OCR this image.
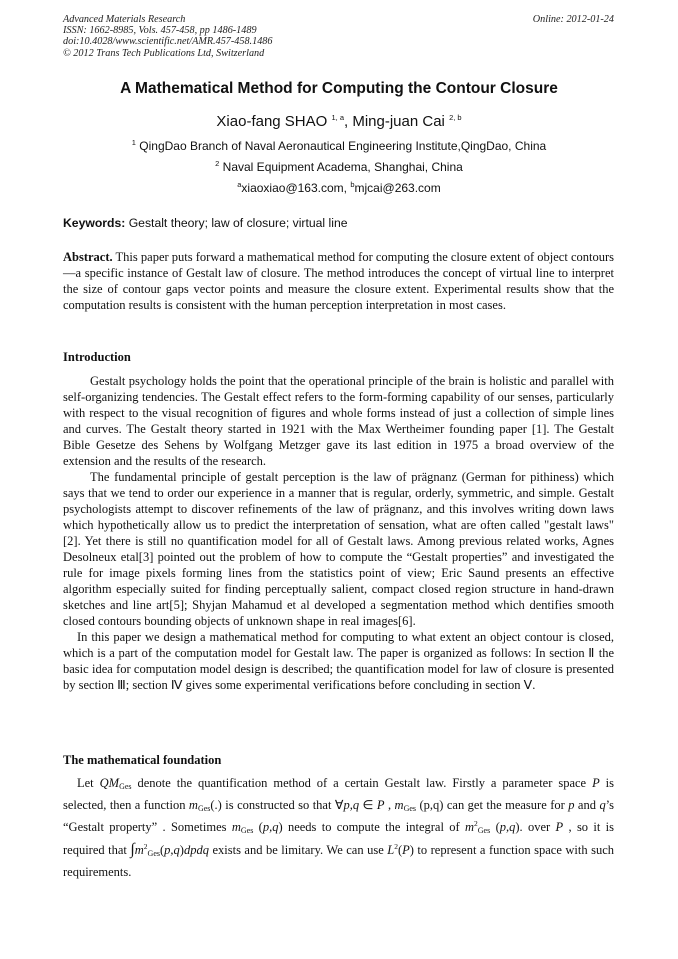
Advanced Materials Research
ISSN: 1662-8985, Vols. 457-458, pp 1486-1489
doi:10.4028/www.scientific.net/AMR.457-458.1486
© 2012 Trans Tech Publications Ltd, Switzerland
Online: 2012-01-24
A Mathematical Method for Computing the Contour Closure
Xiao-fang SHAO $^{1, a}$, Ming-juan Cai $^{2, b}$
$^1$ QingDao Branch of Naval Aeronautical Engineering Institute,QingDao, China
$^2$ Naval Equipment Academa, Shanghai, China
$^a$xiaoxiao@163.com, $^b$mjcai@263.com
Keywords: Gestalt theory; law of closure; virtual line

Abstract. This paper puts forward a mathematical method for computing the closure extent of object contours—a specific instance of Gestalt law of closure. The method introduces the concept of virtual line to interpret the size of contour gaps vector points and measure the closure extent. Experimental results show that the computation results is consistent with the human perception interpretation in most cases.

Introduction

Gestalt psychology holds the point that the operational principle of the brain is holistic and parallel with self-organizing tendencies. The Gestalt effect refers to the form-forming capability of our senses, particularly with respect to the visual recognition of figures and whole forms instead of just a collection of simple lines and curves. The Gestalt theory started in 1921 with the Max Wertheimer founding paper [1]. The Gestalt Bible Gesetze des Sehens by Wolfgang Metzger gave its last edition in 1975 a broad overview of the extension and the results of the research.

The fundamental principle of gestalt perception is the law of prägnanz (German for pithiness) which says that we tend to order our experience in a manner that is regular, orderly, symmetric, and simple. Gestalt psychologists attempt to discover refinements of the law of prägnanz, and this involves writing down laws which hypothetically allow us to predict the interpretation of sensation, what are often called "gestalt laws"[2]. Yet there is still no quantification model for all of Gestalt laws. Among previous related works, Agnes Desolneux etal[3] pointed out the problem of how to compute the “Gestalt properties” and investigated the rule for image pixels forming lines from the statistics point of view; Eric Saund presents an effective algorithm especially suited for finding perceptually salient, compact closed region structure in hand-drawn sketches and line art[5]; Shyjan Mahamud et al developed a segmentation method which dentifies smooth closed contours bounding objects of unknown shape in real images[6].

In this paper we design a mathematical method for computing to what extent an object contour is closed, which is a part of the computation model for Gestalt law. The paper is organized as follows: In section Ⅱ the basic idea for computation model design is described; the quantification model for law of closure is presented by section Ⅲ; section Ⅳ gives some experimental verifications before concluding in section Ⅴ.

The mathematical foundation

Let $QM_{Ges}$ denote the quantification method of a certain Gestalt law. Firstly a parameter space P is selected, then a function $m_{Ges}(.)$ is constructed so that ∀p,q ∈ P , $m_{Ges}$ (p,q) can get the measure for p and q’s “Gestalt property” . Sometimes $m_{Ges}$ (p,q) needs to compute the integral of $m^2_{Ges}$ (p,q). over P , so it is required that $\int m^2_{Ges}(p,q)dpdq$ exists and be limitary. We can use $L^2(P)$ to represent a function space with such requirements.
